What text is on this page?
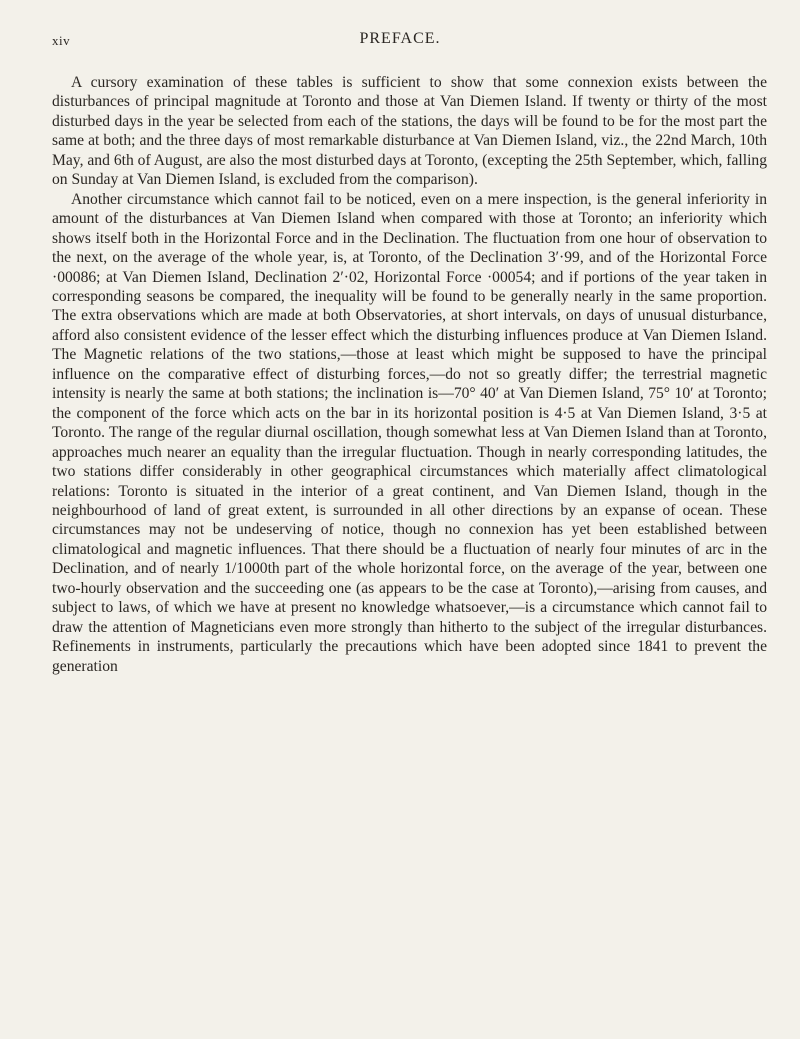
xiv	PREFACE.

A cursory examination of these tables is sufficient to show that some connexion exists between the disturbances of principal magnitude at Toronto and those at Van Diemen Island. If twenty or thirty of the most disturbed days in the year be selected from each of the stations, the days will be found to be for the most part the same at both; and the three days of most remarkable disturbance at Van Diemen Island, viz., the 22nd March, 10th May, and 6th of August, are also the most disturbed days at Toronto, (excepting the 25th September, which, falling on Sunday at Van Diemen Island, is excluded from the comparison).

Another circumstance which cannot fail to be noticed, even on a mere inspection, is the general inferiority in amount of the disturbances at Van Diemen Island when compared with those at Toronto; an inferiority which shows itself both in the Horizontal Force and in the Declination. The fluctuation from one hour of observation to the next, on the average of the whole year, is, at Toronto, of the Declination 3′·99, and of the Horizontal Force ·00086; at Van Diemen Island, Declination 2′·02, Horizontal Force ·00054; and if portions of the year taken in corresponding seasons be compared, the inequality will be found to be generally nearly in the same proportion. The extra observations which are made at both Observatories, at short intervals, on days of unusual disturbance, afford also consistent evidence of the lesser effect which the disturbing influences produce at Van Diemen Island. The Magnetic relations of the two stations,—those at least which might be supposed to have the principal influence on the comparative effect of disturbing forces,—do not so greatly differ; the terrestrial magnetic intensity is nearly the same at both stations; the inclination is—70° 40′ at Van Diemen Island, 75° 10′ at Toronto; the component of the force which acts on the bar in its horizontal position is 4·5 at Van Diemen Island, 3·5 at Toronto. The range of the regular diurnal oscillation, though somewhat less at Van Diemen Island than at Toronto, approaches much nearer an equality than the irregular fluctuation. Though in nearly corresponding latitudes, the two stations differ considerably in other geographical circumstances which materially affect climatological relations: Toronto is situated in the interior of a great continent, and Van Diemen Island, though in the neighbourhood of land of great extent, is surrounded in all other directions by an expanse of ocean. These circumstances may not be undeserving of notice, though no connexion has yet been established between climatological and magnetic influences. That there should be a fluctuation of nearly four minutes of arc in the Declination, and of nearly 1/1000th part of the whole horizontal force, on the average of the year, between one two-hourly observation and the succeeding one (as appears to be the case at Toronto),—arising from causes, and subject to laws, of which we have at present no knowledge whatsoever,—is a circumstance which cannot fail to draw the attention of Magneticians even more strongly than hitherto to the subject of the irregular disturbances. Refinements in instruments, particularly the precautions which have been adopted since 1841 to prevent the generation
